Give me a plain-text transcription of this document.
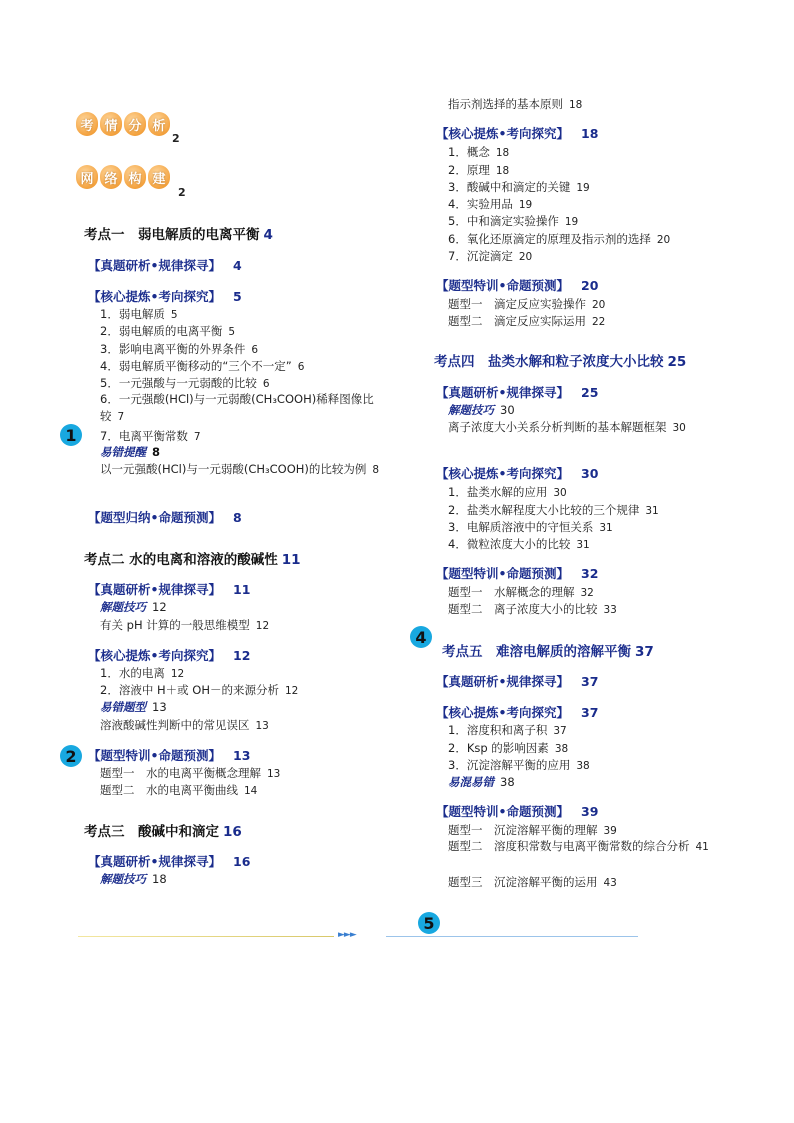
考 情 分 析
2
网 络 构 建
2
考点一　弱电解质的电离平衡 4
【真题研析•规律探寻】 4
【核心提炼•考向探究】 5
1．弱电解质 5
2．弱电解质的电离平衡 5
3．影响电离平衡的外界条件 6
4．弱电解质平衡移动的“三个不一定” 6
5．一元强酸与一元弱酸的比较 6
6．一元强酸(HCl)与一元弱酸(CH₃COOH)稀释图像比较 7
7．电离平衡常数 7
易错提醒 8
以一元强酸(HCl)与一元弱酸(CH₃COOH)的比较为例 8
【题型归纳•命题预测】 8
考点二 水的电离和溶液的酸碱性 11
【真题研析•规律探寻】 11
解题技巧 12
有关 pH 计算的一般思维模型 12
【核心提炼•考向探究】 12
1．水的电离 12
2．溶液中 H＋或 OH－的来源分析 12
易错题型 13
溶液酸碱性判断中的常见误区 13
【题型特训•命题预测】 13
题型一　水的电离平衡概念理解 13
题型二　水的电离平衡曲线 14
考点三　酸碱中和滴定 16
【真题研析•规律探寻】 16
解题技巧 18
指示剂选择的基本原则 18
【核心提炼•考向探究】 18
1．概念 18
2．原理 18
3．酸碱中和滴定的关键 19
4．实验用品 19
5．中和滴定实验操作 19
6．氧化还原滴定的原理及指示剂的选择 20
7．沉淀滴定 20
【题型特训•命题预测】 20
题型一　滴定反应实验操作 20
题型二　滴定反应实际运用 22
考点四　盐类水解和粒子浓度大小比较 25
【真题研析•规律探寻】 25
解题技巧 30
离子浓度大小关系分析判断的基本解题框架 30
【核心提炼•考向探究】 30
1．盐类水解的应用 30
2．盐类水解程度大小比较的三个规律 31
3．电解质溶液中的守恒关系 31
4．微粒浓度大小的比较 31
【题型特训•命题预测】 32
题型一　水解概念的理解 32
题型二　离子浓度大小的比较 33
考点五　难溶电解质的溶解平衡 37
【真题研析•规律探寻】 37
【核心提炼•考向探究】 37
1．溶度积和离子积 37
2．Ksp 的影响因素 38
3．沉淀溶解平衡的应用 38
易混易错 38
【题型特训•命题预测】 39
题型一　沉淀溶解平衡的理解 39
题型二　溶度积常数与电离平衡常数的综合分析 41
题型三　沉淀溶解平衡的运用 43
1
2
4
5
►►►
